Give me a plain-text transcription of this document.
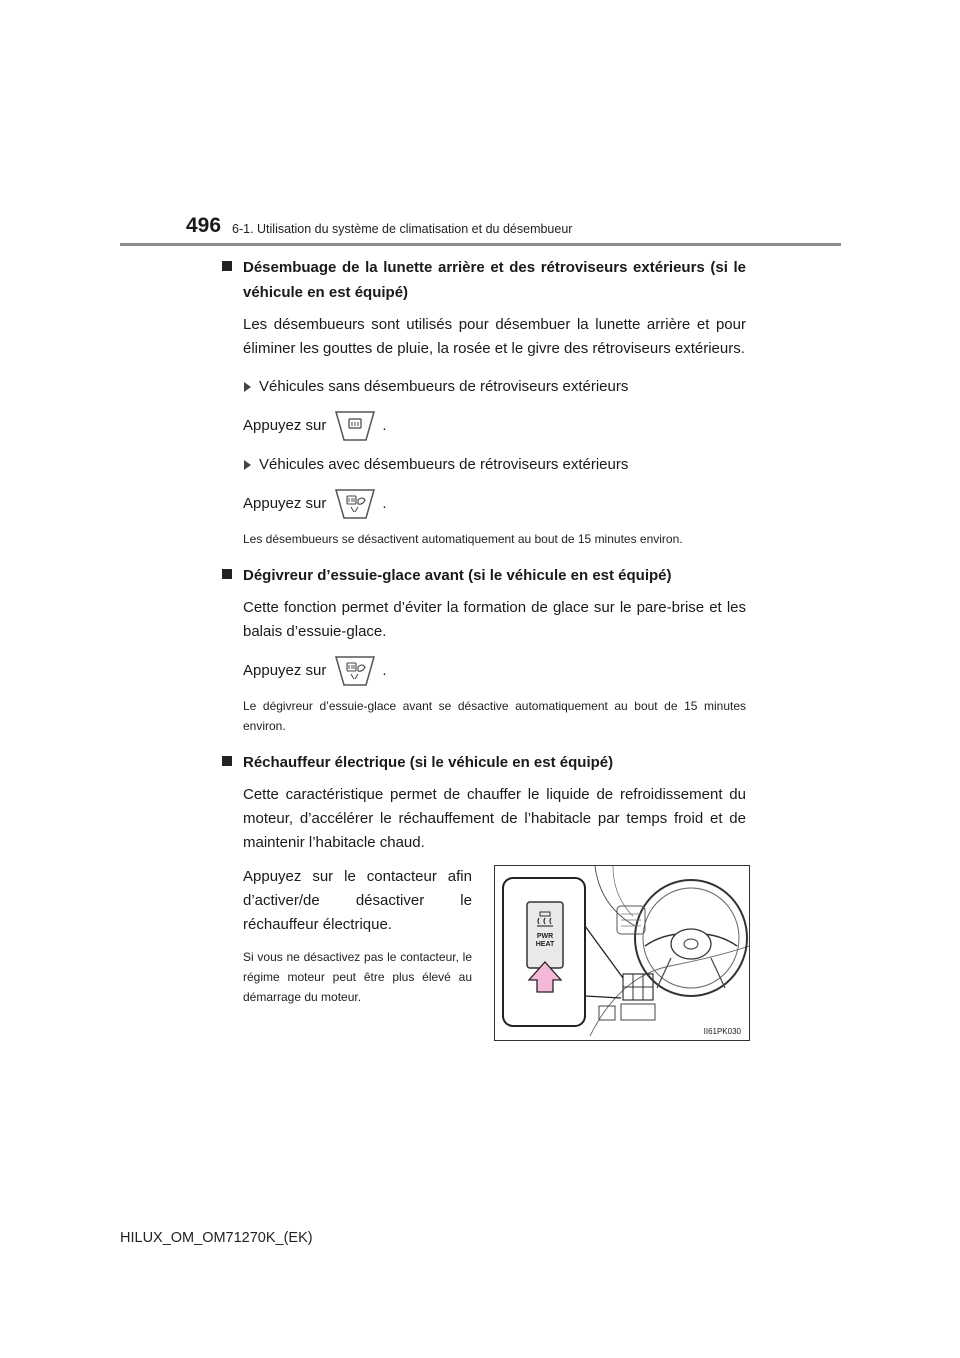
496 6-1. Utilisation du système de climatisation et du désembueur
Désembuage de la lunette arrière et des rétroviseurs extérieurs (si le véhicule en est équipé)
Les désembueurs sont utilisés pour désembuer la lunette arrière et pour éliminer les gouttes de pluie, la rosée et le givre des rétroviseurs extérieurs.
Véhicules sans désembueurs de rétroviseurs extérieurs
Appuyez sur	.
Véhicules avec désembueurs de rétroviseurs extérieurs
Appuyez sur	.
Les désembueurs se désactivent automatiquement au bout de 15 minutes environ.
Dégivreur d’essuie-glace avant (si le véhicule en est équipé)
Cette fonction permet d’éviter la formation de glace sur le pare-brise et les balais d’essuie-glace.
Appuyez sur	.
Le dégivreur d’essuie-glace avant se désactive automatiquement au bout de 15 minutes environ.
Réchauffeur électrique (si le véhicule en est équipé)
Cette caractéristique permet de chauffer le liquide de refroidissement du moteur, d’accélérer le réchauffement de l’habitacle par temps froid et de maintenir l’habitacle chaud.
Appuyez sur le contacteur afin d’activer/de désactiver le réchauffeur électrique.
Si vous ne désactivez pas le contacteur, le régime moteur peut être plus élevé au démarrage du moteur.
PWR
HEAT
II61PK030
HILUX_OM_OM71270K_(EK)
